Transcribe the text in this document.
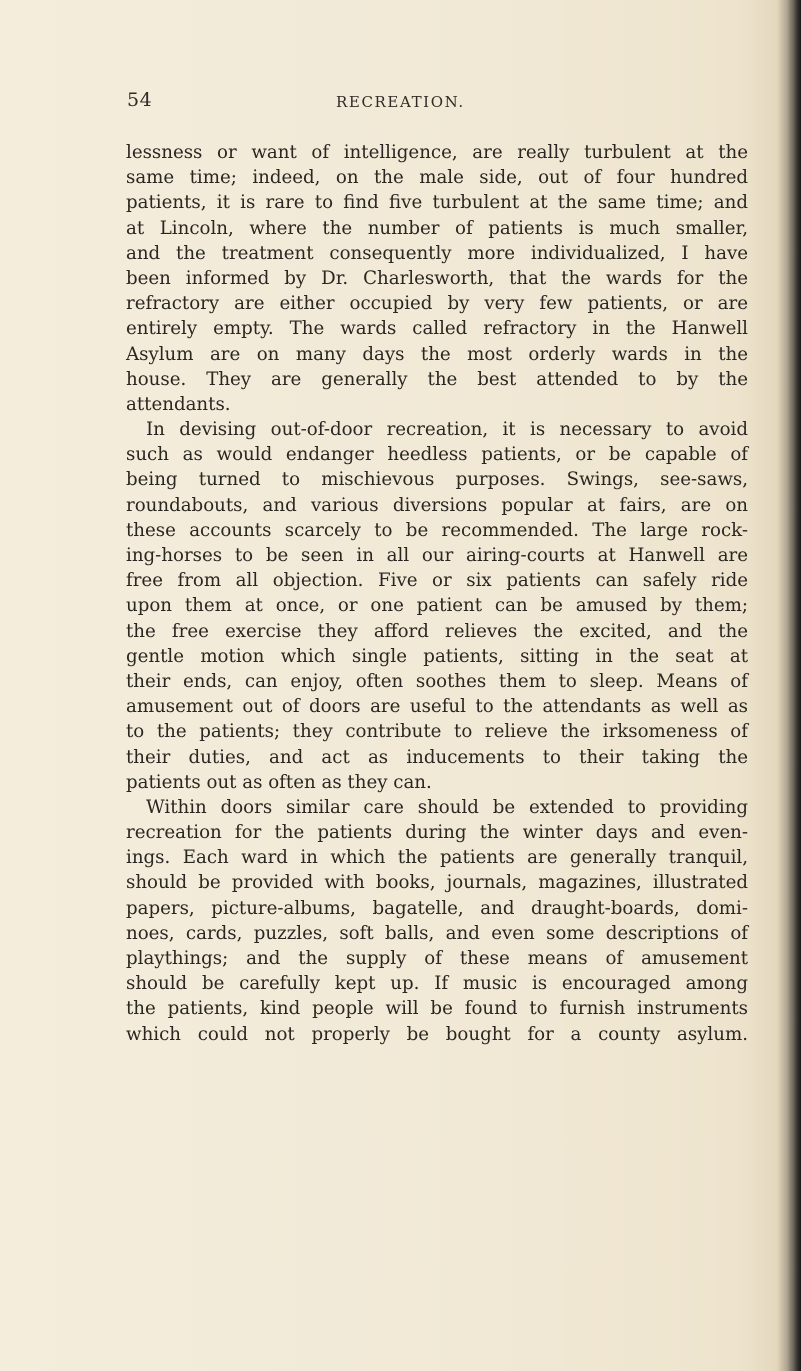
54	RECREATION.
lessness or want of intelligence, are really turbulent at the
same time; indeed, on the male side, out of four hundred
patients, it is rare to find five turbulent at the same time; and
at Lincoln, where the number of patients is much smaller,
and the treatment consequently more individualized, I have
been informed by Dr. Charlesworth, that the wards for the
refractory are either occupied by very few patients, or are
entirely empty. The wards called refractory in the Hanwell
Asylum are on many days the most orderly wards in the
house. They are generally the best attended to by the
attendants.
In devising out-of-door recreation, it is necessary to avoid
such as would endanger heedless patients, or be capable of
being turned to mischievous purposes. Swings, see-saws,
roundabouts, and various diversions popular at fairs, are on
these accounts scarcely to be recommended. The large rock-
ing-horses to be seen in all our airing-courts at Hanwell are
free from all objection. Five or six patients can safely ride
upon them at once, or one patient can be amused by them;
the free exercise they afford relieves the excited, and the
gentle motion which single patients, sitting in the seat at
their ends, can enjoy, often soothes them to sleep. Means of
amusement out of doors are useful to the attendants as well as
to the patients; they contribute to relieve the irksomeness of
their duties, and act as inducements to their taking the
patients out as often as they can.
Within doors similar care should be extended to providing
recreation for the patients during the winter days and even-
ings. Each ward in which the patients are generally tranquil,
should be provided with books, journals, magazines, illustrated
papers, picture-albums, bagatelle, and draught-boards, domi-
noes, cards, puzzles, soft balls, and even some descriptions of
playthings; and the supply of these means of amusement
should be carefully kept up. If music is encouraged among
the patients, kind people will be found to furnish instruments
which could not properly be bought for a county asylum.
